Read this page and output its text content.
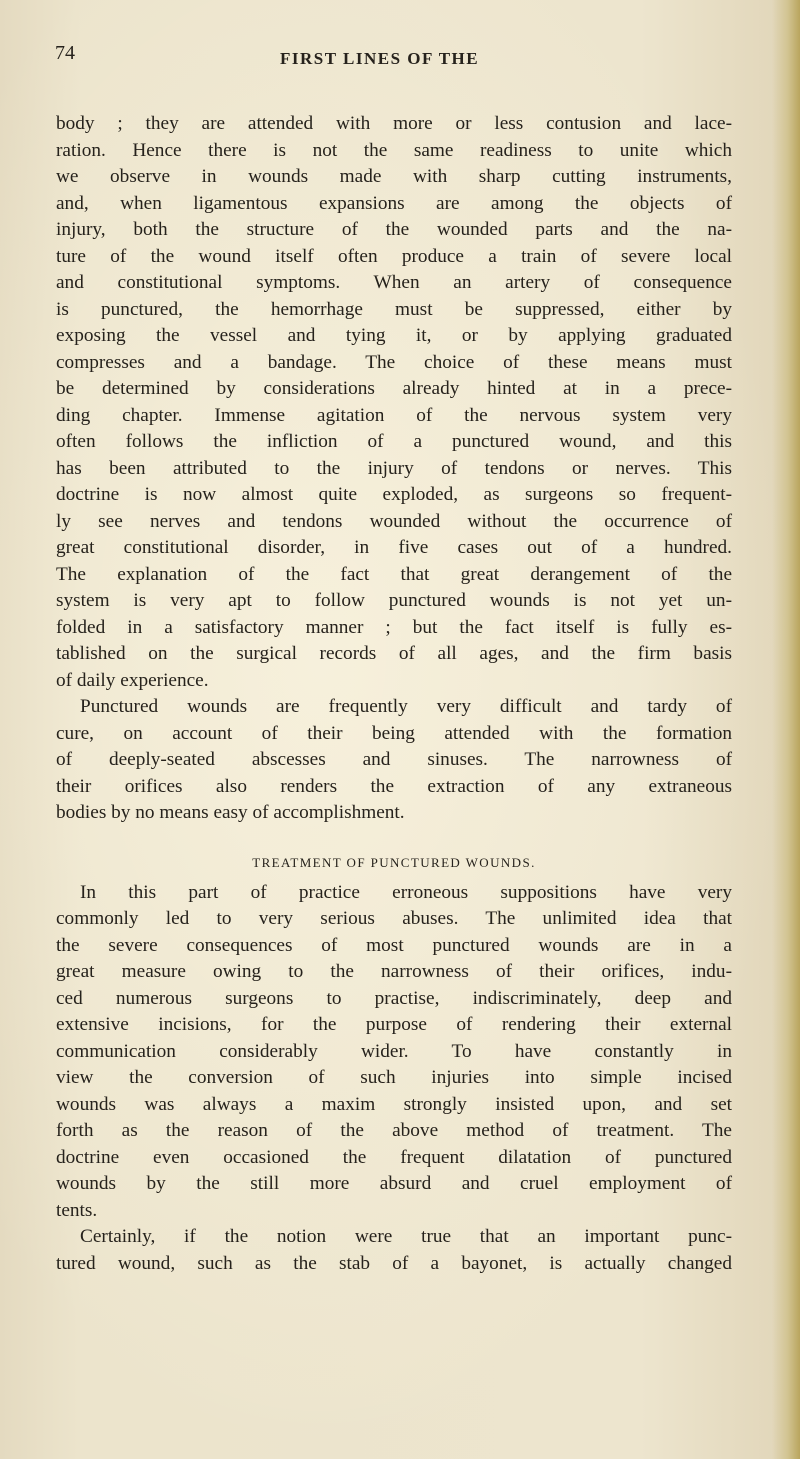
74	FIRST LINES OF THE
body ; they are attended with more or less contusion and lace-
ration. Hence there is not the same readiness to unite which
we observe in wounds made with sharp cutting instruments,
and, when ligamentous expansions are among the objects of
injury, both the structure of the wounded parts and the na-
ture of the wound itself often produce a train of severe local
and constitutional symptoms. When an artery of consequence
is punctured, the hemorrhage must be suppressed, either by
exposing the vessel and tying it, or by applying graduated
compresses and a bandage. The choice of these means must
be determined by considerations already hinted at in a prece-
ding chapter. Immense agitation of the nervous system very
often follows the infliction of a punctured wound, and this
has been attributed to the injury of tendons or nerves. This
doctrine is now almost quite exploded, as surgeons so frequent-
ly see nerves and tendons wounded without the occurrence of
great constitutional disorder, in five cases out of a hundred.
The explanation of the fact that great derangement of the
system is very apt to follow punctured wounds is not yet un-
folded in a satisfactory manner ; but the fact itself is fully es-
tablished on the surgical records of all ages, and the firm basis
of daily experience.
Punctured wounds are frequently very difficult and tardy of
cure, on account of their being attended with the formation
of deeply-seated abscesses and sinuses. The narrowness of
their orifices also renders the extraction of any extraneous
bodies by no means easy of accomplishment.
TREATMENT OF PUNCTURED WOUNDS.
In this part of practice erroneous suppositions have very
commonly led to very serious abuses. The unlimited idea that
the severe consequences of most punctured wounds are in a
great measure owing to the narrowness of their orifices, indu-
ced numerous surgeons to practise, indiscriminately, deep and
extensive incisions, for the purpose of rendering their external
communication considerably wider. To have constantly in
view the conversion of such injuries into simple incised
wounds was always a maxim strongly insisted upon, and set
forth as the reason of the above method of treatment. The
doctrine even occasioned the frequent dilatation of punctured
wounds by the still more absurd and cruel employment of
tents.
Certainly, if the notion were true that an important punc-
tured wound, such as the stab of a bayonet, is actually changed
